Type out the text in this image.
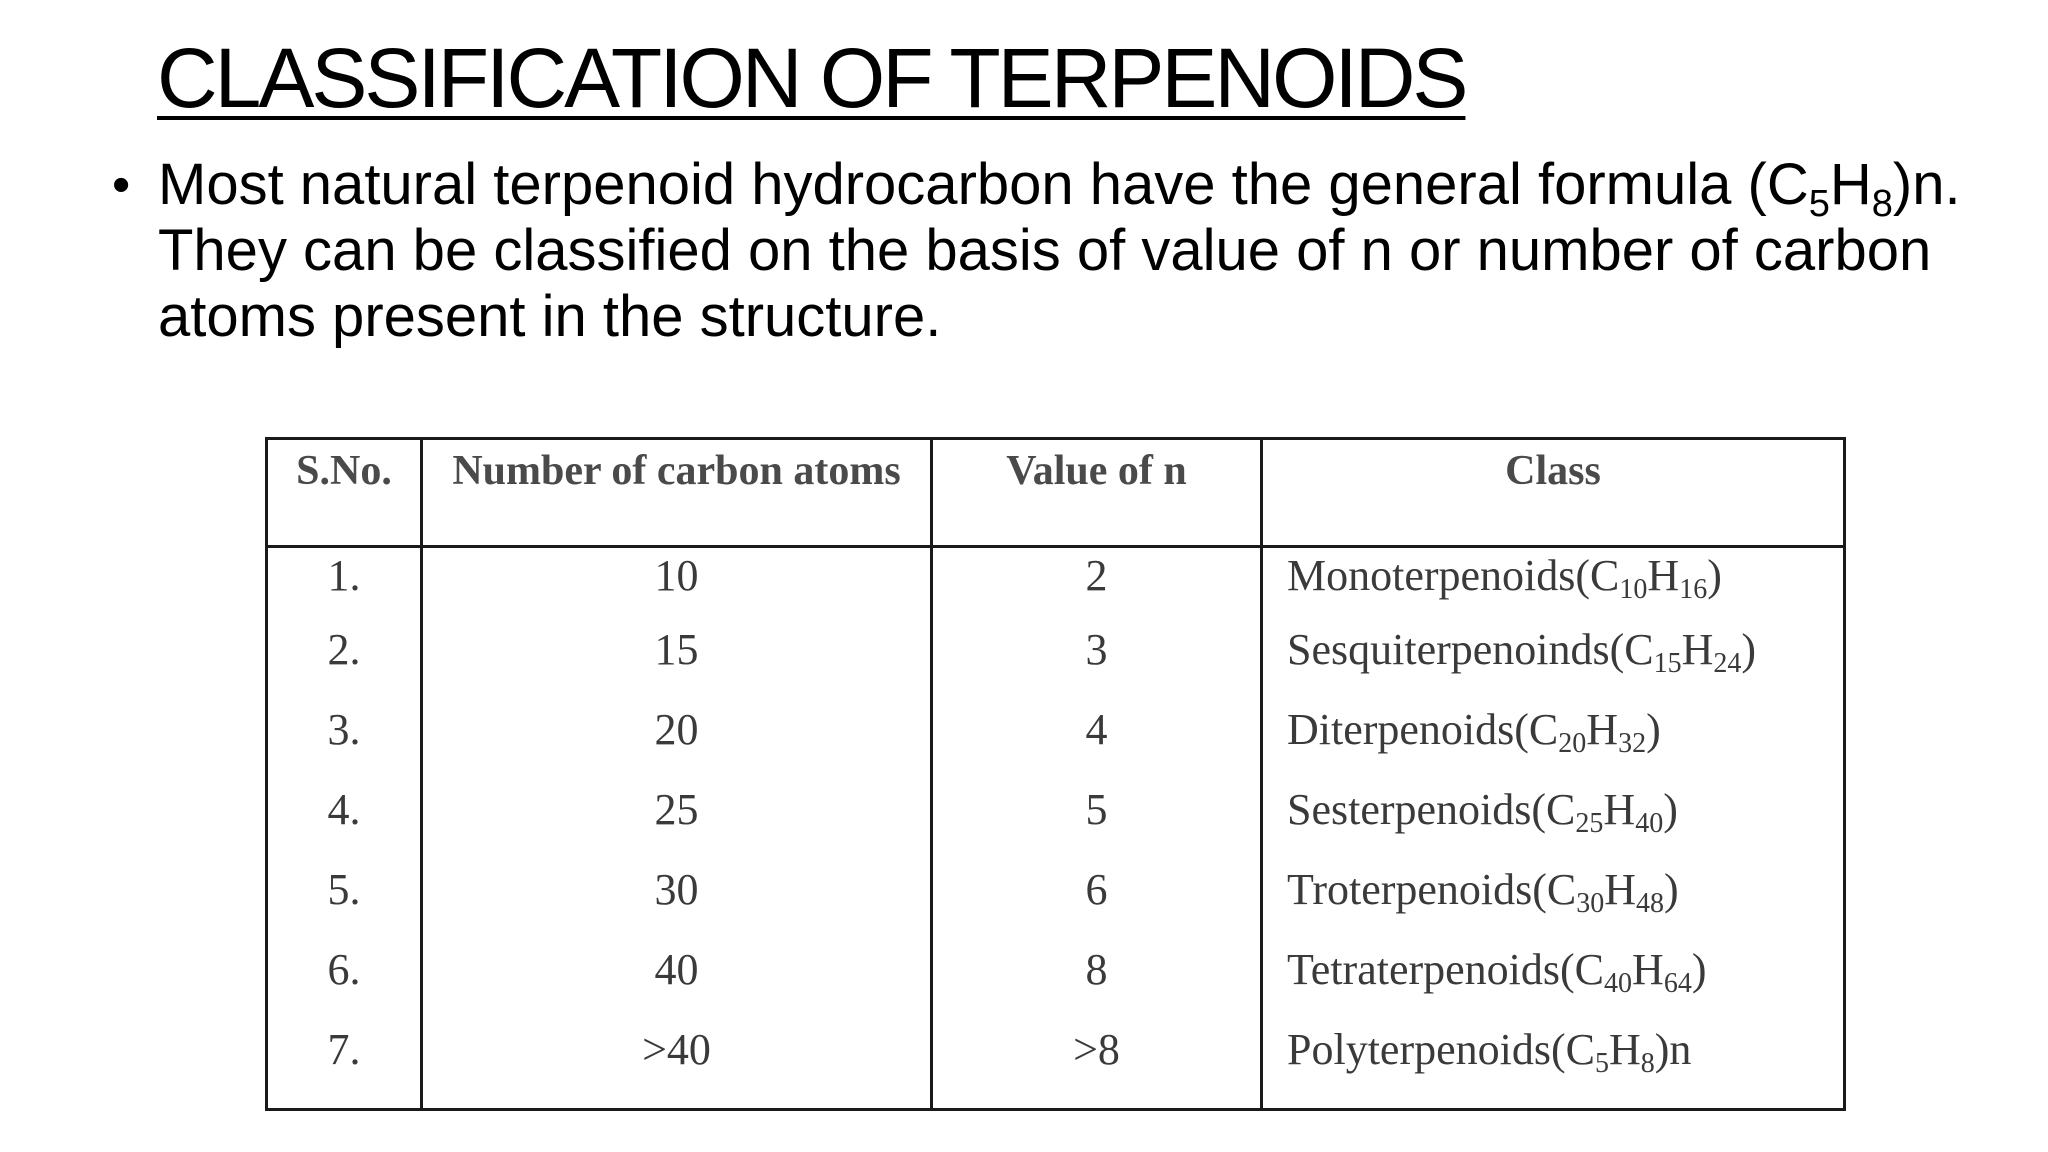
CLASSIFICATION OF TERPENOIDS
• Most natural terpenoid hydrocarbon have the general formula $(C_5H_8)n$. They can be classified on the basis of value of n or number of carbon atoms present in the structure.
S.No.	Number of carbon atoms	Value of n	Class
1.	10	2	$Monoterpenoids(C_{10}H_{16})$
2.	15	3	$Sesquiterpenoinds(C_{15}H_{24})$
3.	20	4	$Diterpenoids(C_{20}H_{32})$
4.	25	5	$Sesterpenoids(C_{25}H_{40})$
5.	30	6	$Troterpenoids(C_{30}H_{48})$
6.	40	8	$Tetraterpenoids(C_{40}H_{64})$
7.	>40	>8	$Polyterpenoids(C_5H_8)n$
